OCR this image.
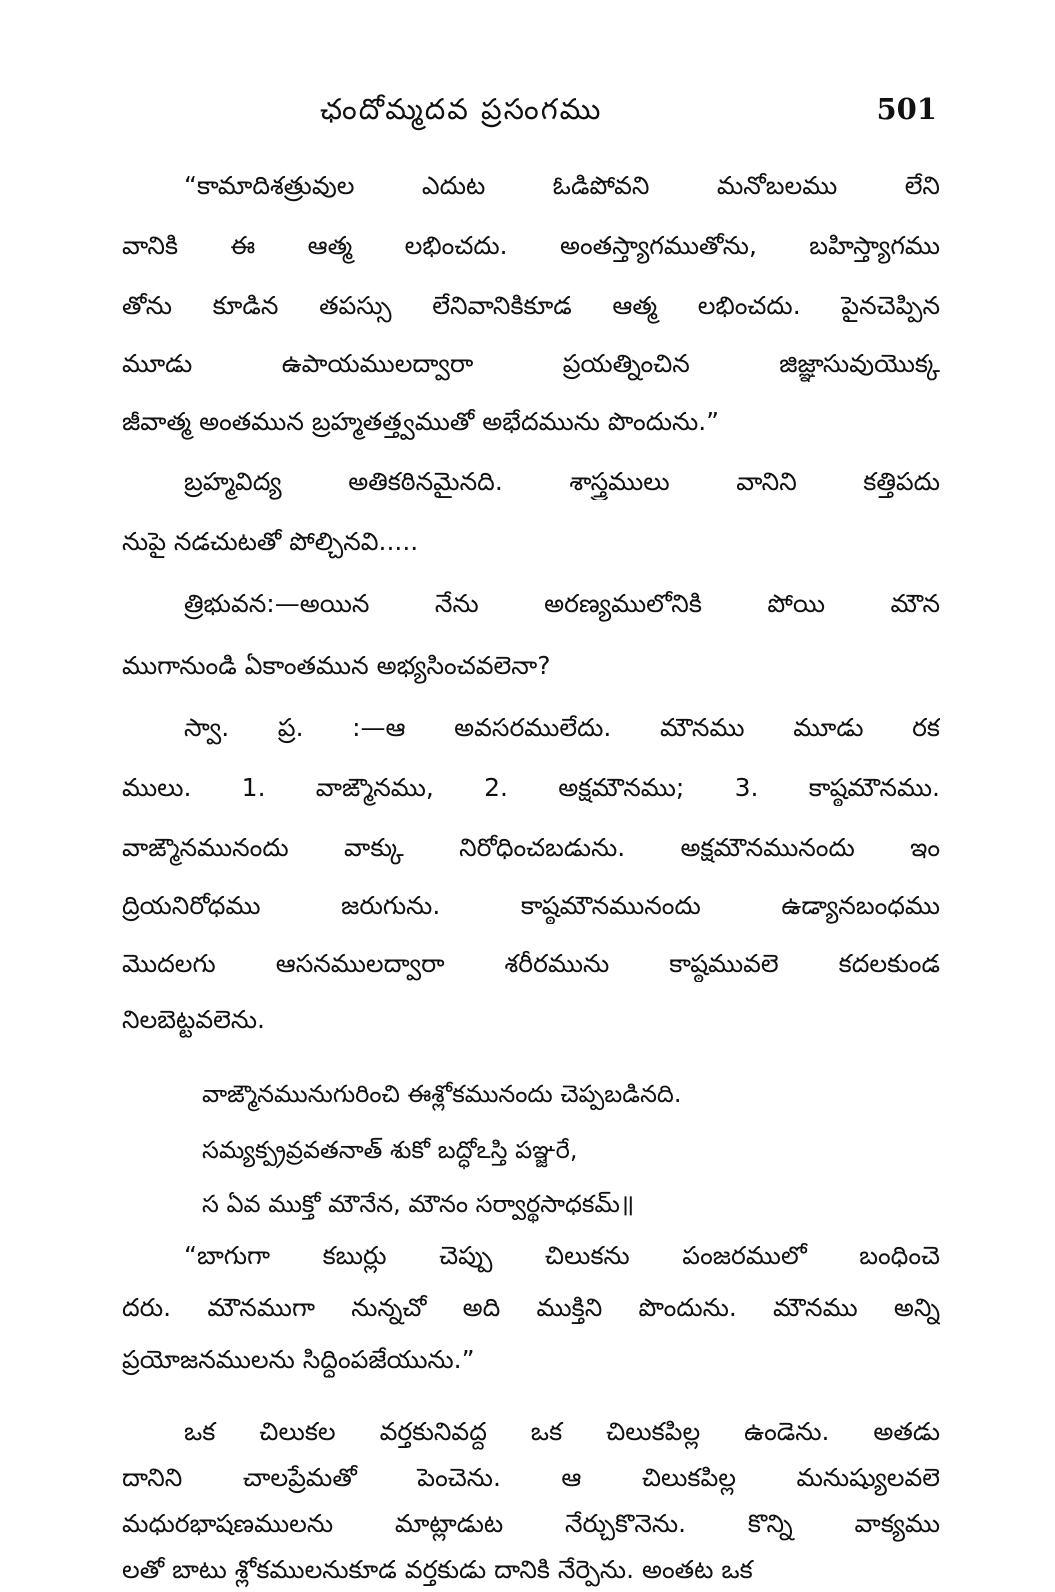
ఛందోమ్మదవ ప్రసంగము	501
“కామాదిశత్రువుల ఎదుట ఓడిపోవని మనోబలము లేని
వానికి ఈ ఆత్మ లభించదు. అంతస్త్యాగముతోను, బహిస్త్యాగము
తోను కూడిన తపస్సు లేనివానికికూడ ఆత్మ లభించదు. పైనచెప్పిన
మూడు ఉపాయములద్వారా ప్రయత్నించిన జిజ్ఞాసువుయొక్క
జీవాత్మ అంతమున బ్రహ్మతత్త్వముతో అభేదమును పొందును.”
బ్రహ్మవిద్య అతికఠినమైనది. శాస్త్రములు వానిని కత్తిపదు
నుపై నడచుటతో పోల్చినవి.....
త్రిభువన:—అయిన నేను అరణ్యములోనికి పోయి మౌన
ముగానుండి ఏకాంతమున అభ్యసించవలెనా?
స్వా. ప్ర. :—ఆ అవసరములేదు. మౌనము మూడు రక
ములు. 1. వాఙ్మౌనము, 2. అక్షమౌనము; 3. కాష్ఠమౌనము.
వాఙ్మౌనమునందు వాక్కు నిరోధించబడును. అక్షమౌనమునందు ఇం
ద్రియనిరోధము జరుగును. కాష్ఠమౌనమునందు ఉడ్యానబంధము
మొదలగు ఆసనములద్వారా శరీరమును కాష్ఠమువలె కదలకుండ
నిలబెట్టవలెను.
వాఙ్మౌనమునుగురించి ఈశ్లోకమునందు చెప్పబడినది.
సమ్యక్ప్రవ్రవతనాత్ శుకో బద్ధోఽస్తి పఞ్జరే,
స ఏవ ముక్తో మౌనేన, మౌనం సర్వార్థసాధకమ్॥
“బాగుగా కబుర్లు చెప్పు చిలుకను పంజరములో బంధించె
దరు. మౌనముగా నున్నచో అది ముక్తిని పొందును. మౌనము అన్ని
ప్రయోజనములను సిద్ధింపజేయును.”
ఒక చిలుకల వర్తకునివద్ద ఒక చిలుకపిల్ల ఉండెను. అతడు
దానిని చాలప్రేమతో పెంచెను. ఆ చిలుకపిల్ల మనుష్యులవలె
మధురభాషణములను మాట్లాడుట నేర్చుకొనెను. కొన్ని వాక్యము
లతో బాటు శ్లోకములనుకూడ వర్తకుడు దానికి నేర్పెను. అంతట ఒక
